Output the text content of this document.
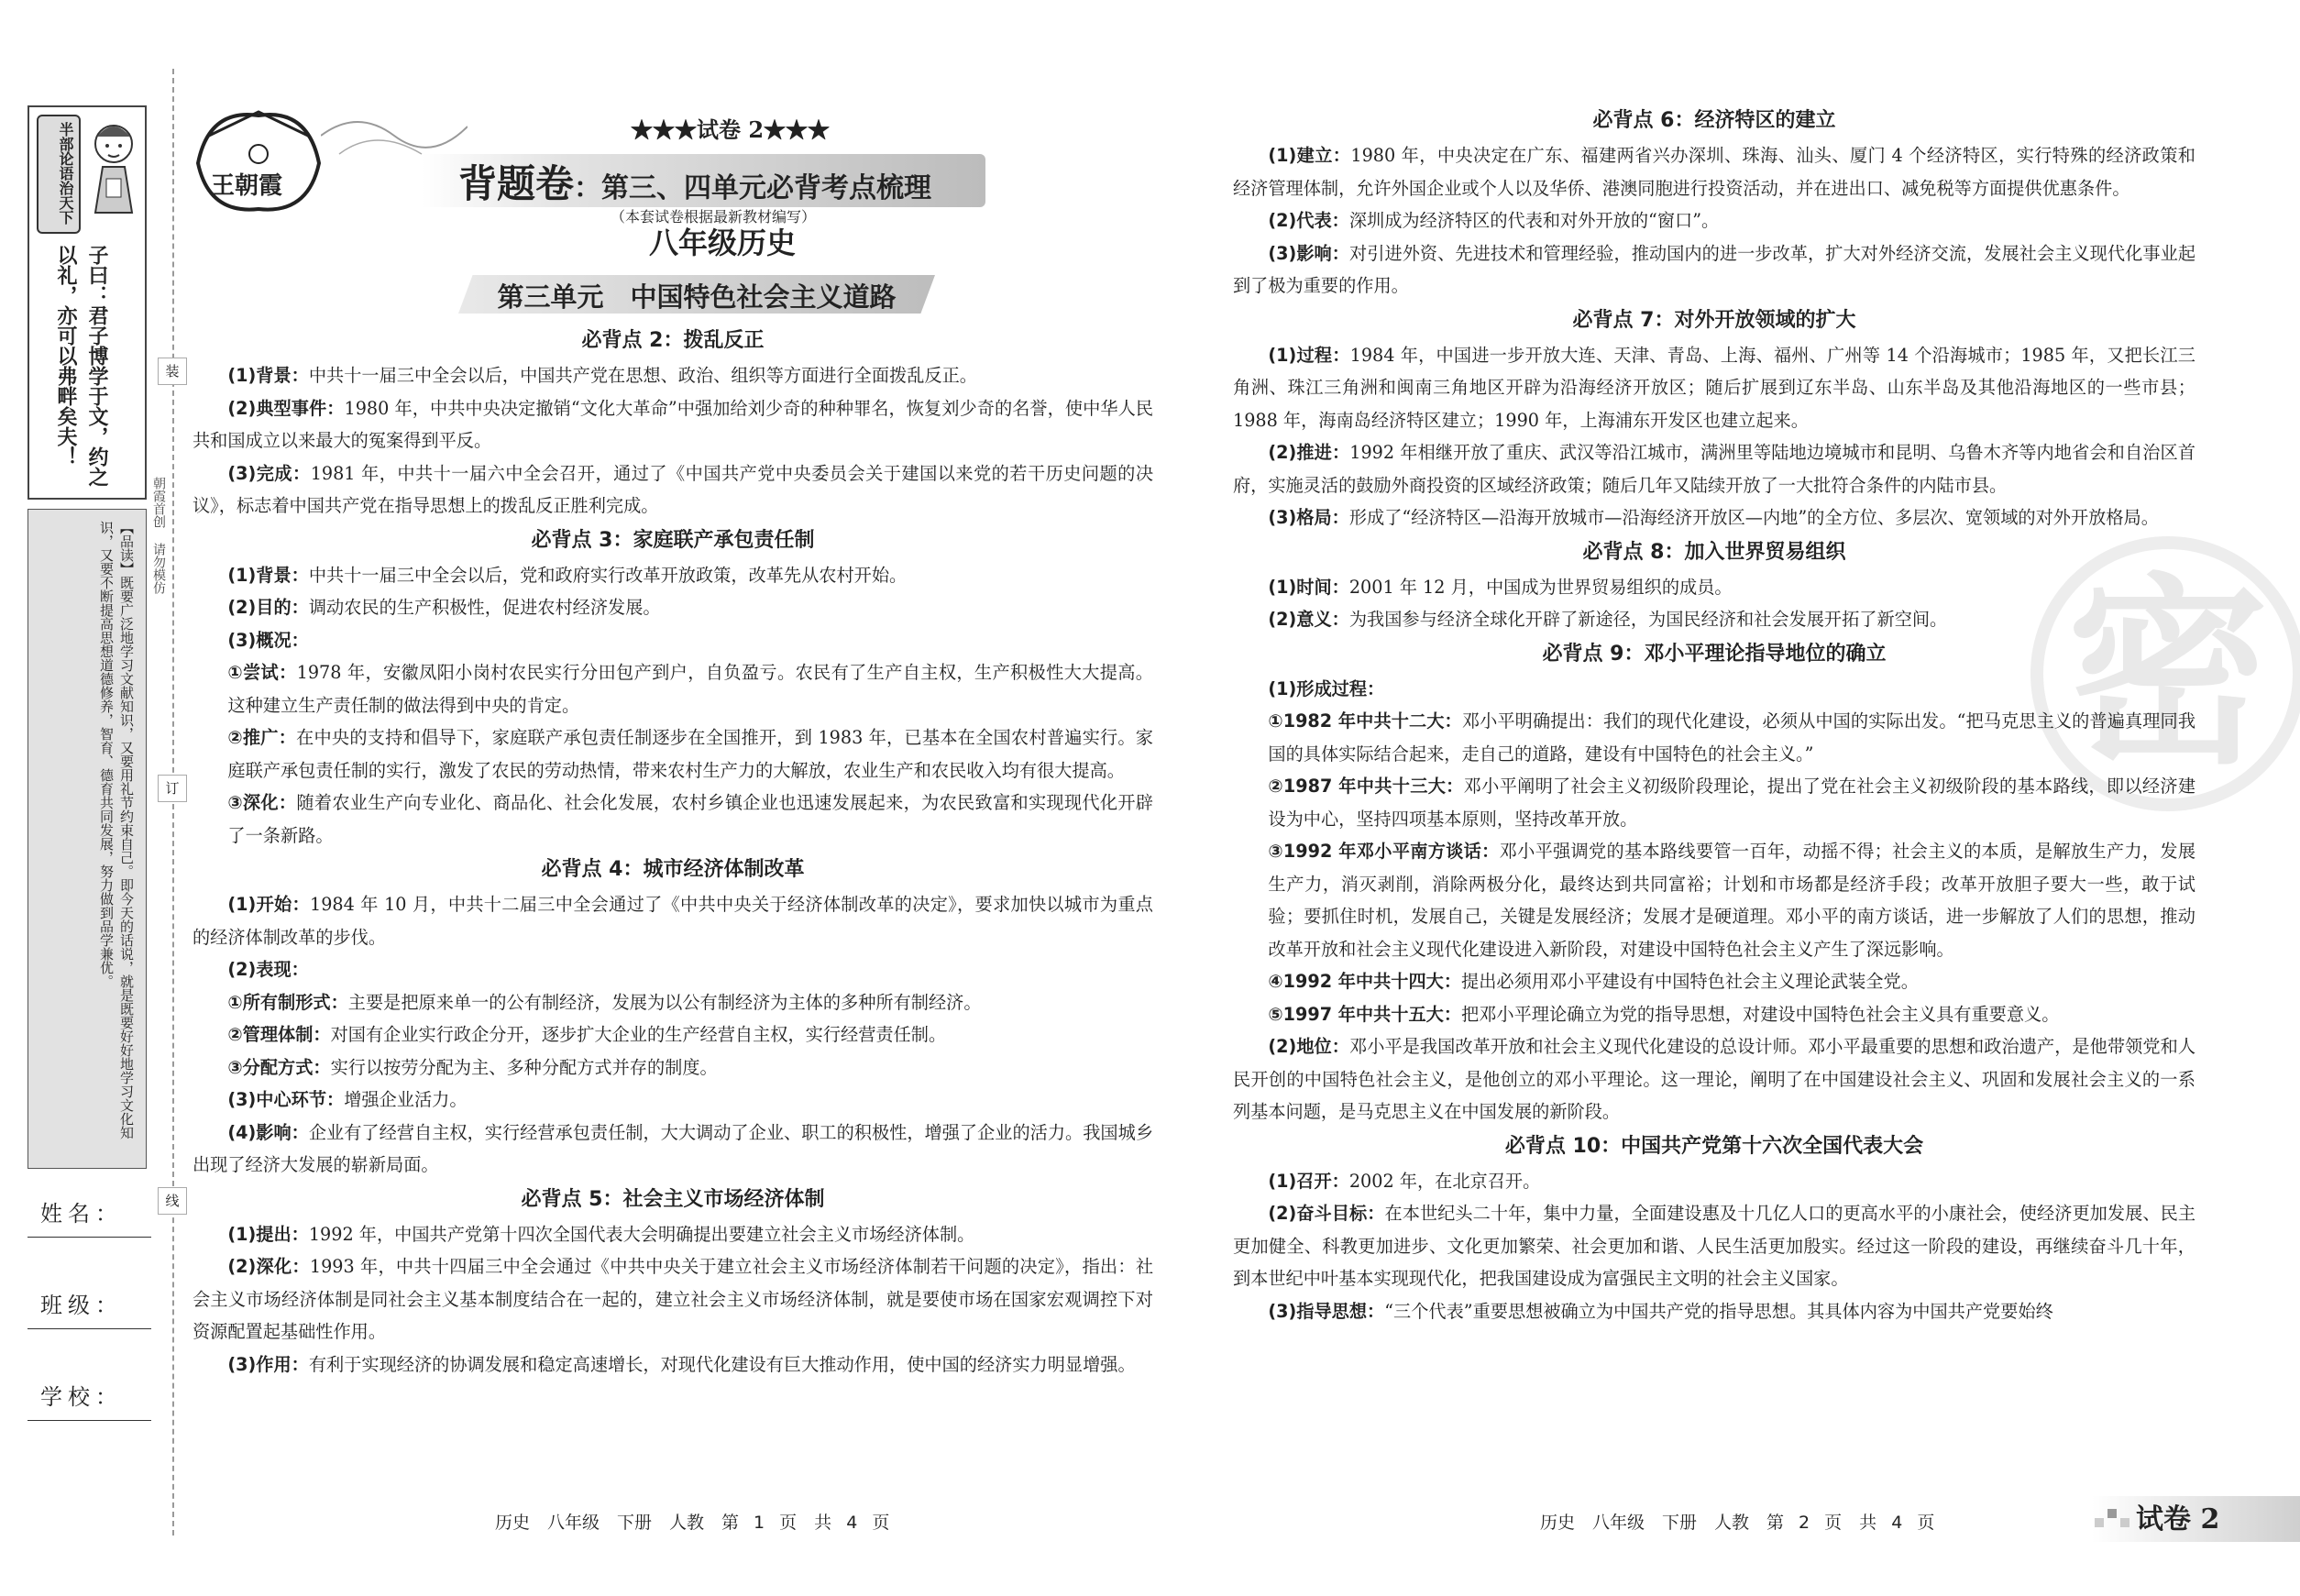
半部论语治天下
子曰：君子博学于文，约之以礼，亦可以弗畔矣夫！
【品读】既要广泛地学习文献知识，又要用礼节约束自己。即今天的话说，就是既要好好地学习文化知识，又要不断提高思想道德修养，智育、德育共同发展，努力做到品学兼优。
姓名：
班级：
学校：
装
订
线
朝霞首创 请勿模仿
王朝霞
★★★试卷 2★★★
背题卷：第三、四单元必背考点梳理
（本套试卷根据最新教材编写）
八年级历史
第三单元　中国特色社会主义道路
密
必背点 2：拨乱反正

(1)背景：中共十一届三中全会以后，中国共产党在思想、政治、组织等方面进行全面拨乱反正。

(2)典型事件：1980 年，中共中央决定撤销“文化大革命”中强加给刘少奇的种种罪名，恢复刘少奇的名誉，使中华人民共和国成立以来最大的冤案得到平反。

(3)完成：1981 年，中共十一届六中全会召开，通过了《中国共产党中央委员会关于建国以来党的若干历史问题的决议》，标志着中国共产党在指导思想上的拨乱反正胜利完成。

必背点 3：家庭联产承包责任制

(1)背景：中共十一届三中全会以后，党和政府实行改革开放政策，改革先从农村开始。

(2)目的：调动农民的生产积极性，促进农村经济发展。

(3)概况：

①尝试：1978 年，安徽凤阳小岗村农民实行分田包产到户，自负盈亏。农民有了生产自主权，生产积极性大大提高。这种建立生产责任制的做法得到中央的肯定。

②推广：在中央的支持和倡导下，家庭联产承包责任制逐步在全国推开，到 1983 年，已基本在全国农村普遍实行。家庭联产承包责任制的实行，激发了农民的劳动热情，带来农村生产力的大解放，农业生产和农民收入均有很大提高。

③深化：随着农业生产向专业化、商品化、社会化发展，农村乡镇企业也迅速发展起来，为农民致富和实现现代化开辟了一条新路。

必背点 4：城市经济体制改革

(1)开始：1984 年 10 月，中共十二届三中全会通过了《中共中央关于经济体制改革的决定》，要求加快以城市为重点的经济体制改革的步伐。

(2)表现：

①所有制形式：主要是把原来单一的公有制经济，发展为以公有制经济为主体的多种所有制经济。

②管理体制：对国有企业实行政企分开，逐步扩大企业的生产经营自主权，实行经营责任制。

③分配方式：实行以按劳分配为主、多种分配方式并存的制度。

(3)中心环节：增强企业活力。

(4)影响：企业有了经营自主权，实行经营承包责任制，大大调动了企业、职工的积极性，增强了企业的活力。我国城乡出现了经济大发展的崭新局面。

必背点 5：社会主义市场经济体制

(1)提出：1992 年，中国共产党第十四次全国代表大会明确提出要建立社会主义市场经济体制。

(2)深化：1993 年，中共十四届三中全会通过《中共中央关于建立社会主义市场经济体制若干问题的决定》，指出：社会主义市场经济体制是同社会主义基本制度结合在一起的，建立社会主义市场经济体制，就是要使市场在国家宏观调控下对资源配置起基础性作用。

(3)作用：有利于实现经济的协调发展和稳定高速增长，对现代化建设有巨大推动作用，使中国的经济实力明显增强。

必背点 6：经济特区的建立

(1)建立：1980 年，中央决定在广东、福建两省兴办深圳、珠海、汕头、厦门 4 个经济特区，实行特殊的经济政策和经济管理体制，允许外国企业或个人以及华侨、港澳同胞进行投资活动，并在进出口、减免税等方面提供优惠条件。

(2)代表：深圳成为经济特区的代表和对外开放的“窗口”。

(3)影响：对引进外资、先进技术和管理经验，推动国内的进一步改革，扩大对外经济交流，发展社会主义现代化事业起到了极为重要的作用。

必背点 7：对外开放领域的扩大

(1)过程：1984 年，中国进一步开放大连、天津、青岛、上海、福州、广州等 14 个沿海城市；1985 年，又把长江三角洲、珠江三角洲和闽南三角地区开辟为沿海经济开放区；随后扩展到辽东半岛、山东半岛及其他沿海地区的一些市县；1988 年，海南岛经济特区建立；1990 年，上海浦东开发区也建立起来。

(2)推进：1992 年相继开放了重庆、武汉等沿江城市，满洲里等陆地边境城市和昆明、乌鲁木齐等内地省会和自治区首府，实施灵活的鼓励外商投资的区域经济政策；随后几年又陆续开放了一大批符合条件的内陆市县。

(3)格局：形成了“经济特区—沿海开放城市—沿海经济开放区—内地”的全方位、多层次、宽领域的对外开放格局。

必背点 8：加入世界贸易组织

(1)时间：2001 年 12 月，中国成为世界贸易组织的成员。

(2)意义：为我国参与经济全球化开辟了新途径，为国民经济和社会发展开拓了新空间。

必背点 9：邓小平理论指导地位的确立

(1)形成过程：

①1982 年中共十二大：邓小平明确提出：我们的现代化建设，必须从中国的实际出发。“把马克思主义的普遍真理同我国的具体实际结合起来，走自己的道路，建设有中国特色的社会主义。”

②1987 年中共十三大：邓小平阐明了社会主义初级阶段理论，提出了党在社会主义初级阶段的基本路线，即以经济建设为中心，坚持四项基本原则，坚持改革开放。

③1992 年邓小平南方谈话：邓小平强调党的基本路线要管一百年，动摇不得；社会主义的本质，是解放生产力，发展生产力，消灭剥削，消除两极分化，最终达到共同富裕；计划和市场都是经济手段；改革开放胆子要大一些，敢于试验；要抓住时机，发展自己，关键是发展经济；发展才是硬道理。邓小平的南方谈话，进一步解放了人们的思想，推动改革开放和社会主义现代化建设进入新阶段，对建设中国特色社会主义产生了深远影响。

④1992 年中共十四大：提出必须用邓小平建设有中国特色社会主义理论武装全党。

⑤1997 年中共十五大：把邓小平理论确立为党的指导思想，对建设中国特色社会主义具有重要意义。

(2)地位：邓小平是我国改革开放和社会主义现代化建设的总设计师。邓小平最重要的思想和政治遗产，是他带领党和人民开创的中国特色社会主义，是他创立的邓小平理论。这一理论，阐明了在中国建设社会主义、巩固和发展社会主义的一系列基本问题，是马克思主义在中国发展的新阶段。

必背点 10：中国共产党第十六次全国代表大会

(1)召开：2002 年，在北京召开。

(2)奋斗目标：在本世纪头二十年，集中力量，全面建设惠及十几亿人口的更高水平的小康社会，使经济更加发展、民主更加健全、科教更加进步、文化更加繁荣、社会更加和谐、人民生活更加殷实。经过这一阶段的建设，再继续奋斗几十年，到本世纪中叶基本实现现代化，把我国建设成为富强民主文明的社会主义国家。

(3)指导思想：“三个代表”重要思想被确立为中国共产党的指导思想。其具体内容为中国共产党要始终

历史　八年级　下册　人教　第 1 页　共 4 页	历史　八年级　下册　人教　第 2 页　共 4 页	试卷 2
